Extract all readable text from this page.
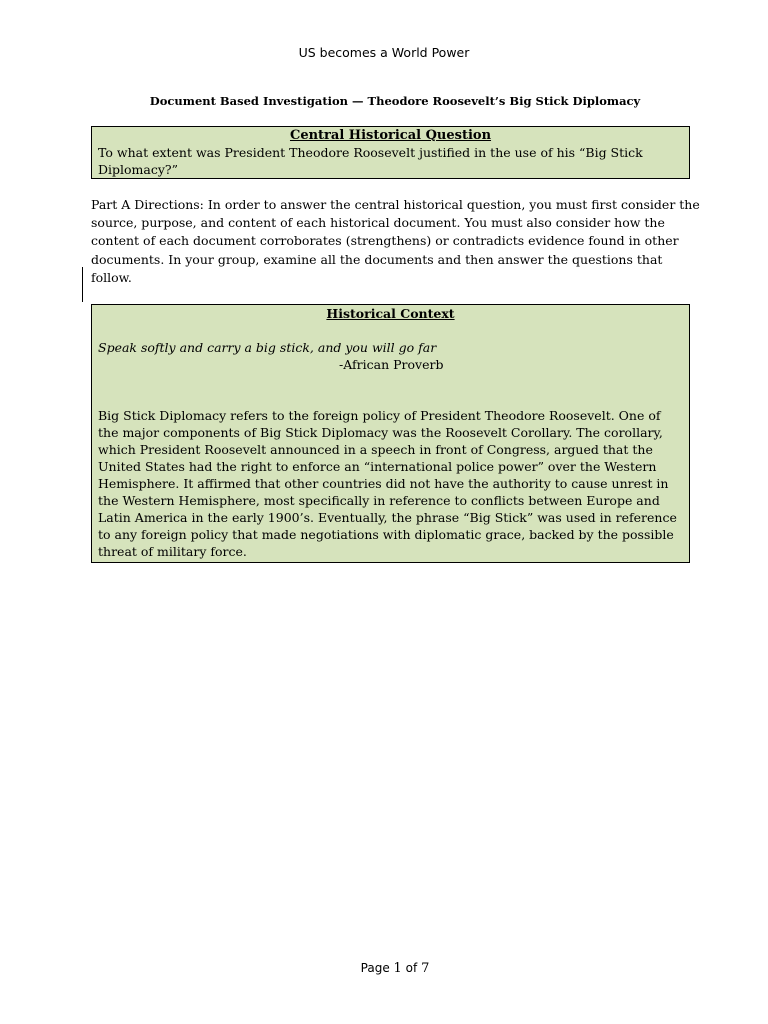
US becomes a World Power
Document Based Investigation — Theodore Roosevelt’s Big Stick Diplomacy
Central Historical Question
To what extent was President Theodore Roosevelt justified in the use of his “Big Stick Diplomacy?”

Part A Directions: In order to answer the central historical question, you must first consider the source, purpose, and content of each historical document. You must also consider how the content of each document corroborates (strengthens) or contradicts evidence found in other documents. In your group, examine all the documents and then answer the questions that follow.

Historical Context
Speak softly and carry a big stick, and you will go far
-African Proverb
Big Stick Diplomacy refers to the foreign policy of President Theodore Roosevelt. One of the major components of Big Stick Diplomacy was the Roosevelt Corollary. The corollary, which President Roosevelt announced in a speech in front of Congress, argued that the United States had the right to enforce an “international police power” over the Western Hemisphere. It affirmed that other countries did not have the authority to cause unrest in the Western Hemisphere, most specifically in reference to conflicts between Europe and Latin America in the early 1900’s. Eventually, the phrase “Big Stick” was used in reference to any foreign policy that made negotiations with diplomatic grace, backed by the possible threat of military force.
Page 1 of 7
